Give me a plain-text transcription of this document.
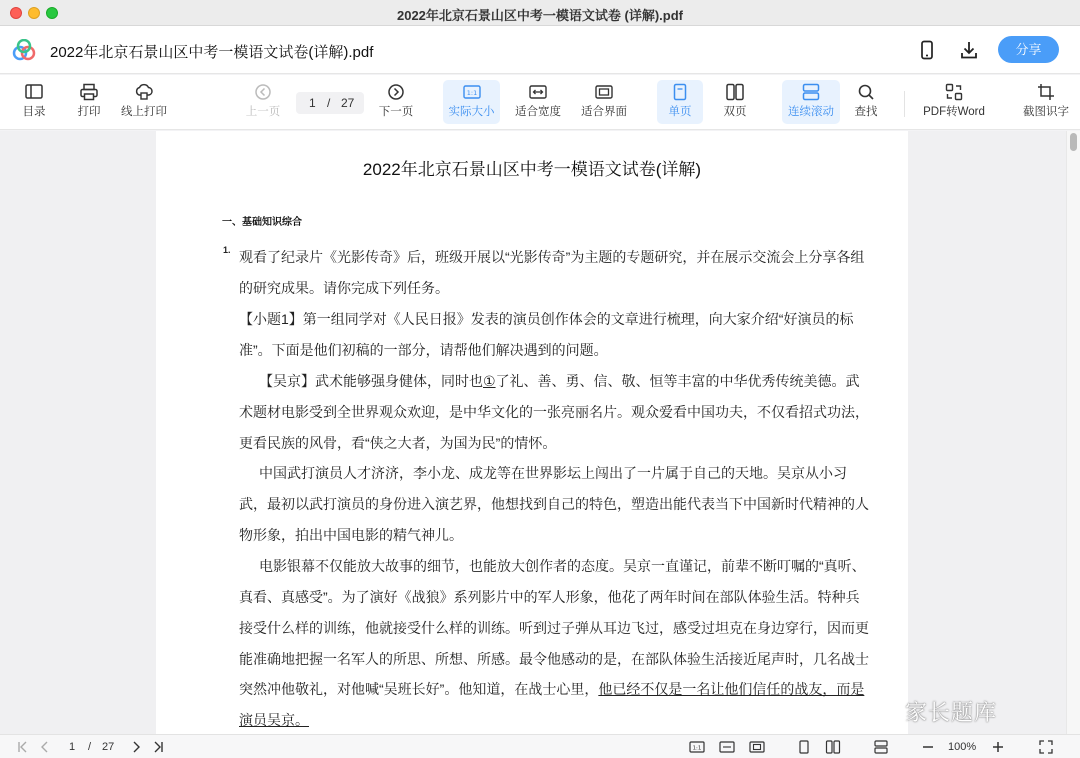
2022年北京石景山区中考一模语文试卷 (详解).pdf
2022年北京石景山区中考一模语文试卷(详解).pdf	分享
目录	打印	线上打印	上一页
1 / 27
下一页
1:1
实际大小	适合宽度 适合界面	单页	双页	连续滚动	查找	PDF转Word	截图识字
2022年北京石景山区中考一模语文试卷(详解)
一、基础知识综合
1. 观看了纪录片《光影传奇》后，班级开展以“光影传奇”为主题的专题研究，并在展示交流会上分享各组
的研究成果。请你完成下列任务。
【小题1】第一组同学对《人民日报》发表的演员创作体会的文章进行梳理，向大家介绍“好演员的标
准”。下面是他们初稿的一部分，请帮他们解决遇到的问题。
【吴京】武术能够强身健体，同时也①了礼、善、勇、信、敬、恒等丰富的中华优秀传统美德。武
术题材电影受到全世界观众欢迎，是中华文化的一张亮丽名片。观众爱看中国功夫，不仅看招式功法，
更看民族的风骨，看“侠之大者，为国为民”的情怀。
中国武打演员人才济济，李小龙、成龙等在世界影坛上闯出了一片属于自己的天地。吴京从小习
武，最初以武打演员的身份进入演艺界，他想找到自己的特色，塑造出能代表当下中国新时代精神的人
物形象，拍出中国电影的精气神儿。
电影银幕不仅能放大故事的细节，也能放大创作者的态度。吴京一直谨记，前辈不断叮嘱的“真听、
真看、真感受”。为了演好《战狼》系列影片中的军人形象，他花了两年时间在部队体验生活。特种兵
接受什么样的训练，他就接受什么样的训练。听到过子弹从耳边飞过，感受过坦克在身边穿行，因而更
能准确地把握一名军人的所思、所想、所感。最令他感动的是，在部队体验生活接近尾声时，几名战士
突然冲他敬礼，对他喊“吴班长好”。他知道，在战士心里，他已经不仅是一名让他们信任的战友，而是
演员吴京。	家长题库
1 / 27	1:1	100%
